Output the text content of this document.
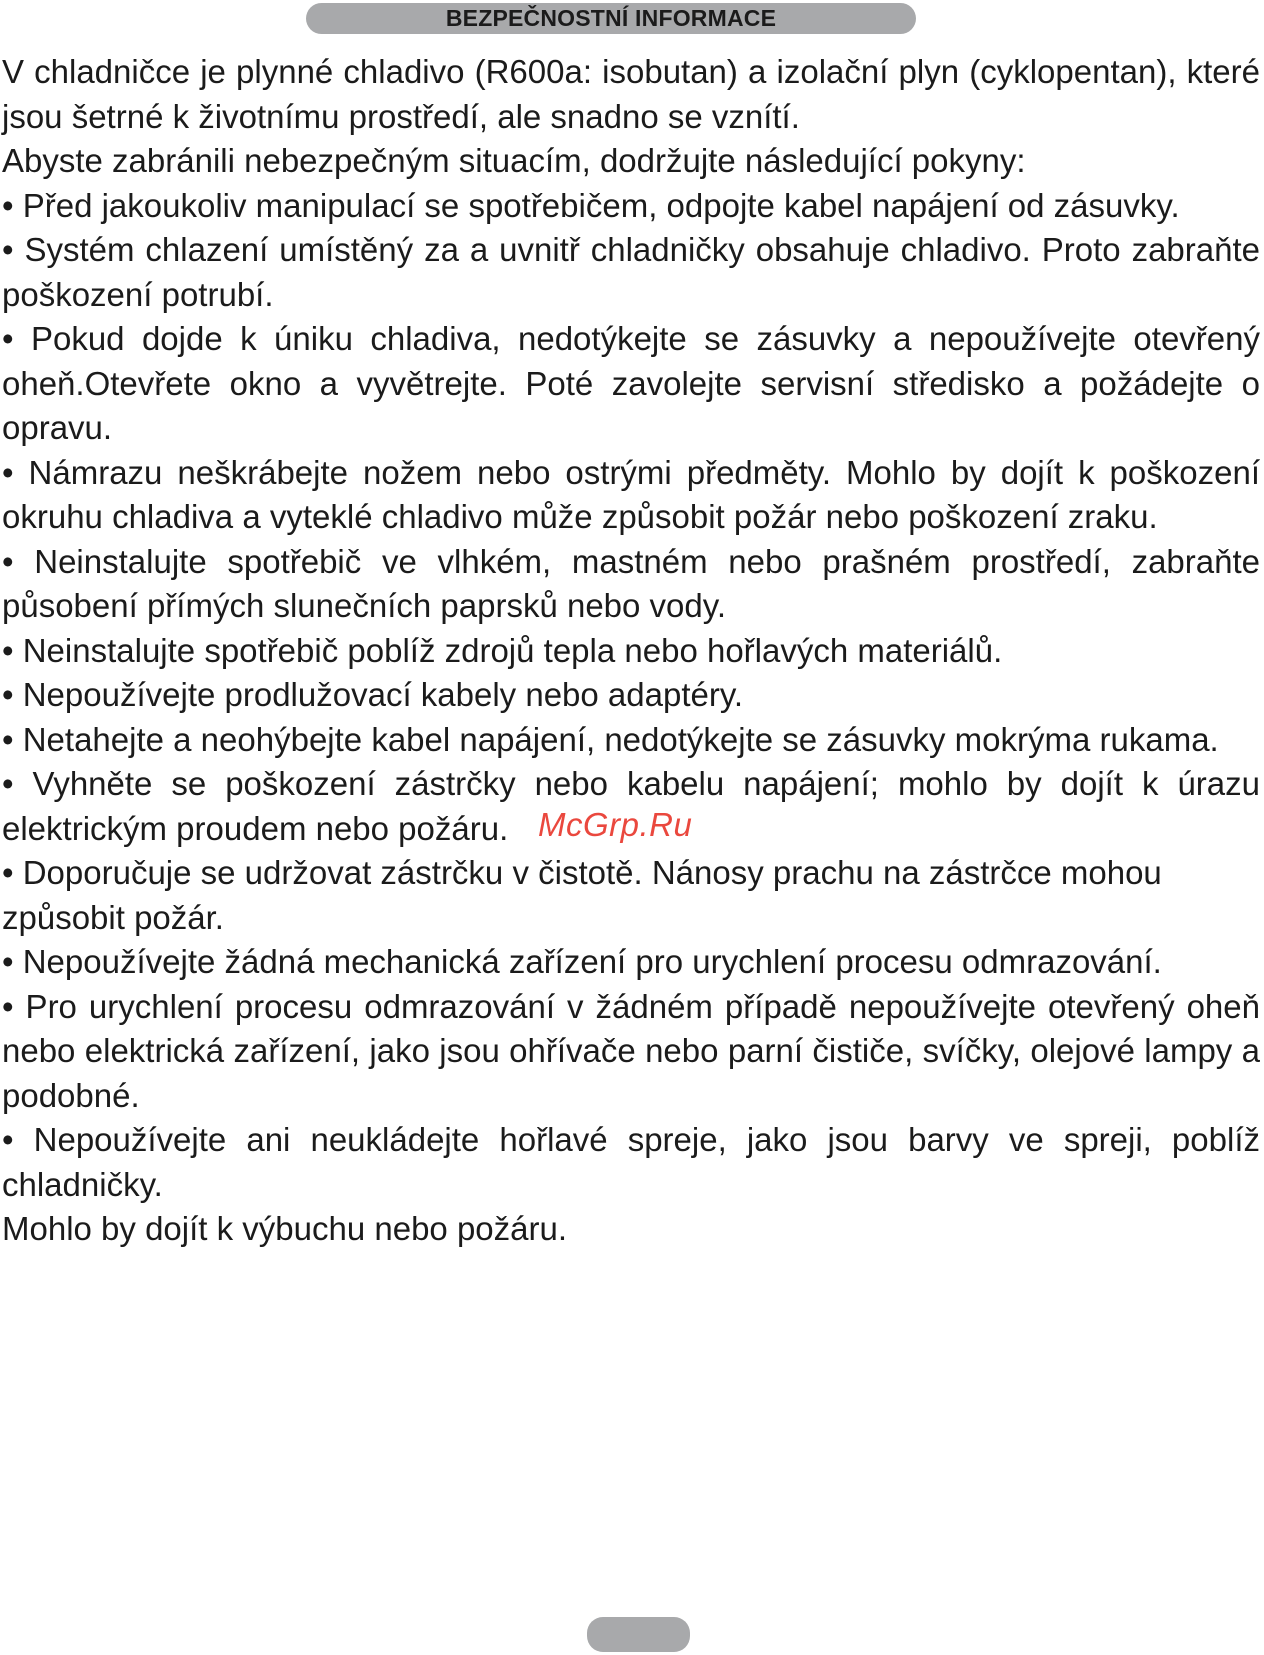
BEZPEČNOSTNÍ INFORMACE

V chladničce je plynné chladivo (R600a: isobutan) a izolační plyn (cyklopentan), které jsou šetrné k životnímu prostředí, ale snadno se vznítí.

Abyste zabránili nebezpečným situacím, dodržujte následující pokyny:

• Před jakoukoliv manipulací se spotřebičem, odpojte kabel napájení od zásuvky.

• Systém chlazení umístěný za a uvnitř chladničky obsahuje chladivo. Proto zabraňte poškození potrubí.

• Pokud dojde k úniku chladiva, nedotýkejte se zásuvky a nepoužívejte otevřený oheň.Otevřete okno a vyvětrejte. Poté zavolejte servisní středisko a požádejte o opravu.

• Námrazu neškrábejte nožem nebo ostrými předměty. Mohlo by dojít k poškození okruhu chladiva a vyteklé chladivo může způsobit požár nebo poškození zraku.

• Neinstalujte spotřebič ve vlhkém, mastném nebo prašném prostředí, zabraňte působení přímých slunečních paprsků nebo vody.

• Neinstalujte spotřebič poblíž zdrojů tepla nebo hořlavých materiálů.

• Nepoužívejte prodlužovací kabely nebo adaptéry.

• Netahejte a neohýbejte kabel napájení, nedotýkejte se zásuvky mokrýma rukama.

• Vyhněte se poškození zástrčky nebo kabelu napájení; mohlo by dojít k úrazu elektrickým proudem nebo požáru.

• Doporučuje se udržovat zástrčku v čistotě. Nánosy prachu na zástrčce mohou způsobit požár.

• Nepoužívejte žádná mechanická zařízení pro urychlení procesu odmrazování.

• Pro urychlení procesu odmrazování v žádném případě nepoužívejte otevřený oheň nebo elektrická zařízení, jako jsou ohřívače nebo parní čističe, svíčky, olejové lampy a podobné.

• Nepoužívejte ani neukládejte hořlavé spreje, jako jsou barvy ve spreji, poblíž chladničky.

Mohlo by dojít k výbuchu nebo požáru.

McGrp.Ru
